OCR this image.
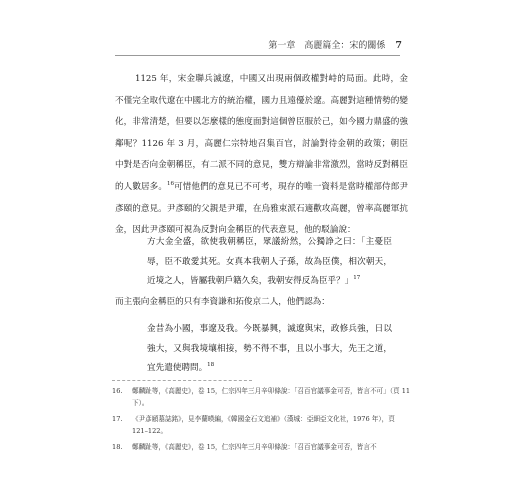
第一章　高麗篇全：宋的關係 7

1125 年，宋金聯兵滅遼，中國又出現兩個政權對峙的局面。此時，金不僅完全取代遼在中國北方的統治權，國力且遠優於遼。高麗對這種情勢的變化，非常清楚，但要以怎麼樣的態度面對這個曾臣服於己，如今國力鼎盛的強鄰呢？1126 年 3 月，高麗仁宗特地召集百官，討論對待金朝的政策；朝臣中對是否向金朝稱臣，有二派不同的意見，雙方辯論非常激烈，當時反對稱臣的人數居多。$^{16}$可惜他們的意見已不可考，現存的唯一資料是當時權部侍郎尹彥頤的意見。尹彥頤的父親是尹瓘，在烏雅束派石適歡攻高麗，曾率高麗軍抗金，因此尹彥頤可視為反對向金稱臣的代表意見，他的駁論說：

方大金全盛，欲使我朝稱臣，眾議紛然，公獨諍之曰：「主憂臣辱，臣不敢愛其死。女真本我朝人子孫，故為臣僕，相次朝天，近境之人，皆屬我朝戶籍久矣，我朝安得反為臣乎？」$^{17}$

而主張向金稱臣的只有李資謙和拓俊京二人，他們認為：

金昔為小國，事遼及我。今既暴興，滅遼與宋，政修兵強，日以強大，又與我境壤相接，勢不得不事，且以小事大，先王之道，宜先遣使聘問。$^{18}$

16.	鄭麟趾等，《高麗史》，卷 15，仁宗四年三月辛卯條說：「召百官議事金可否，皆言不可」（頁 11 下）。
17.	《尹彥頤墓誌銘》，見李蘭暎編，《韓國金石文追補》（漢城：亞細亞文化社，1976 年），頁 121–122。
18.	鄭麟趾等，《高麗史》，卷 15，仁宗四年三月辛卯條說：「召百官議事金可否，皆言不
